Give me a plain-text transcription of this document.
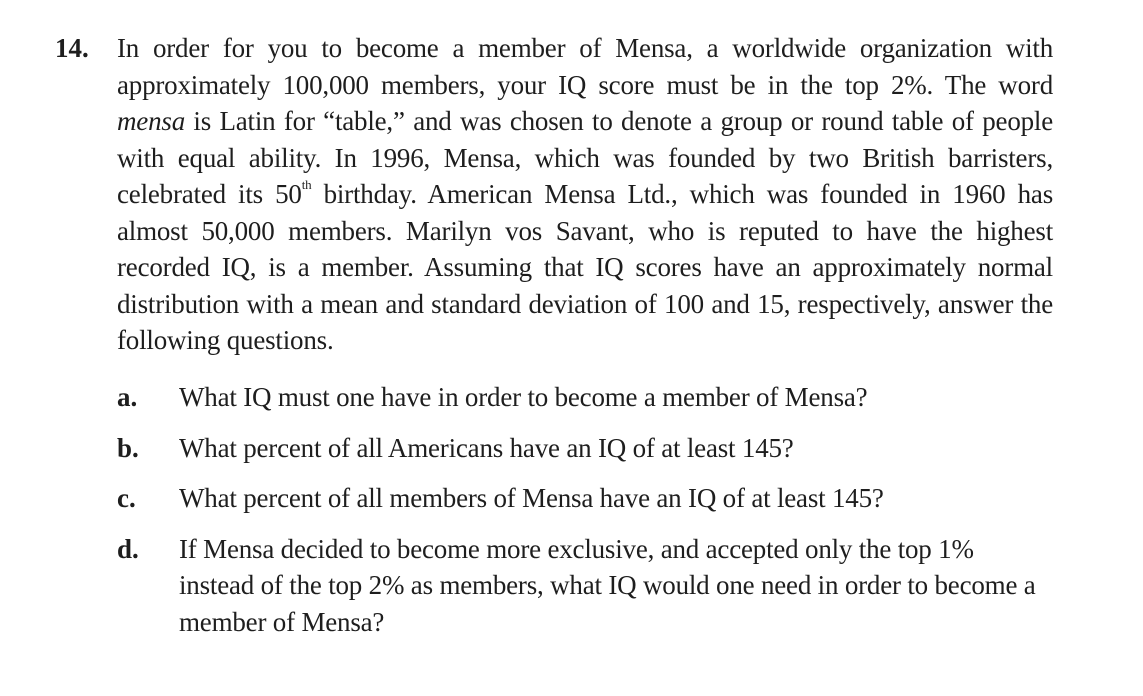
14. In order for you to become a member of Mensa, a worldwide organization with approximately 100,000 members, your IQ score must be in the top 2%. The word mensa is Latin for “table,” and was chosen to denote a group or round table of people with equal ability. In 1996, Mensa, which was founded by two British barristers, celebrated its 50th birthday. American Mensa Ltd., which was founded in 1960 has almost 50,000 members. Marilyn vos Savant, who is reputed to have the highest recorded IQ, is a member. Assuming that IQ scores have an approximately normal distribution with a mean and standard deviation of 100 and 15, respectively, answer the following questions.

a.	What IQ must one have in order to become a member of Mensa?
b.	What percent of all Americans have an IQ of at least 145?
c.	What percent of all members of Mensa have an IQ of at least 145?
d.	If Mensa decided to become more exclusive, and accepted only the top 1% instead of the top 2% as members, what IQ would one need in order to become a member of Mensa?
